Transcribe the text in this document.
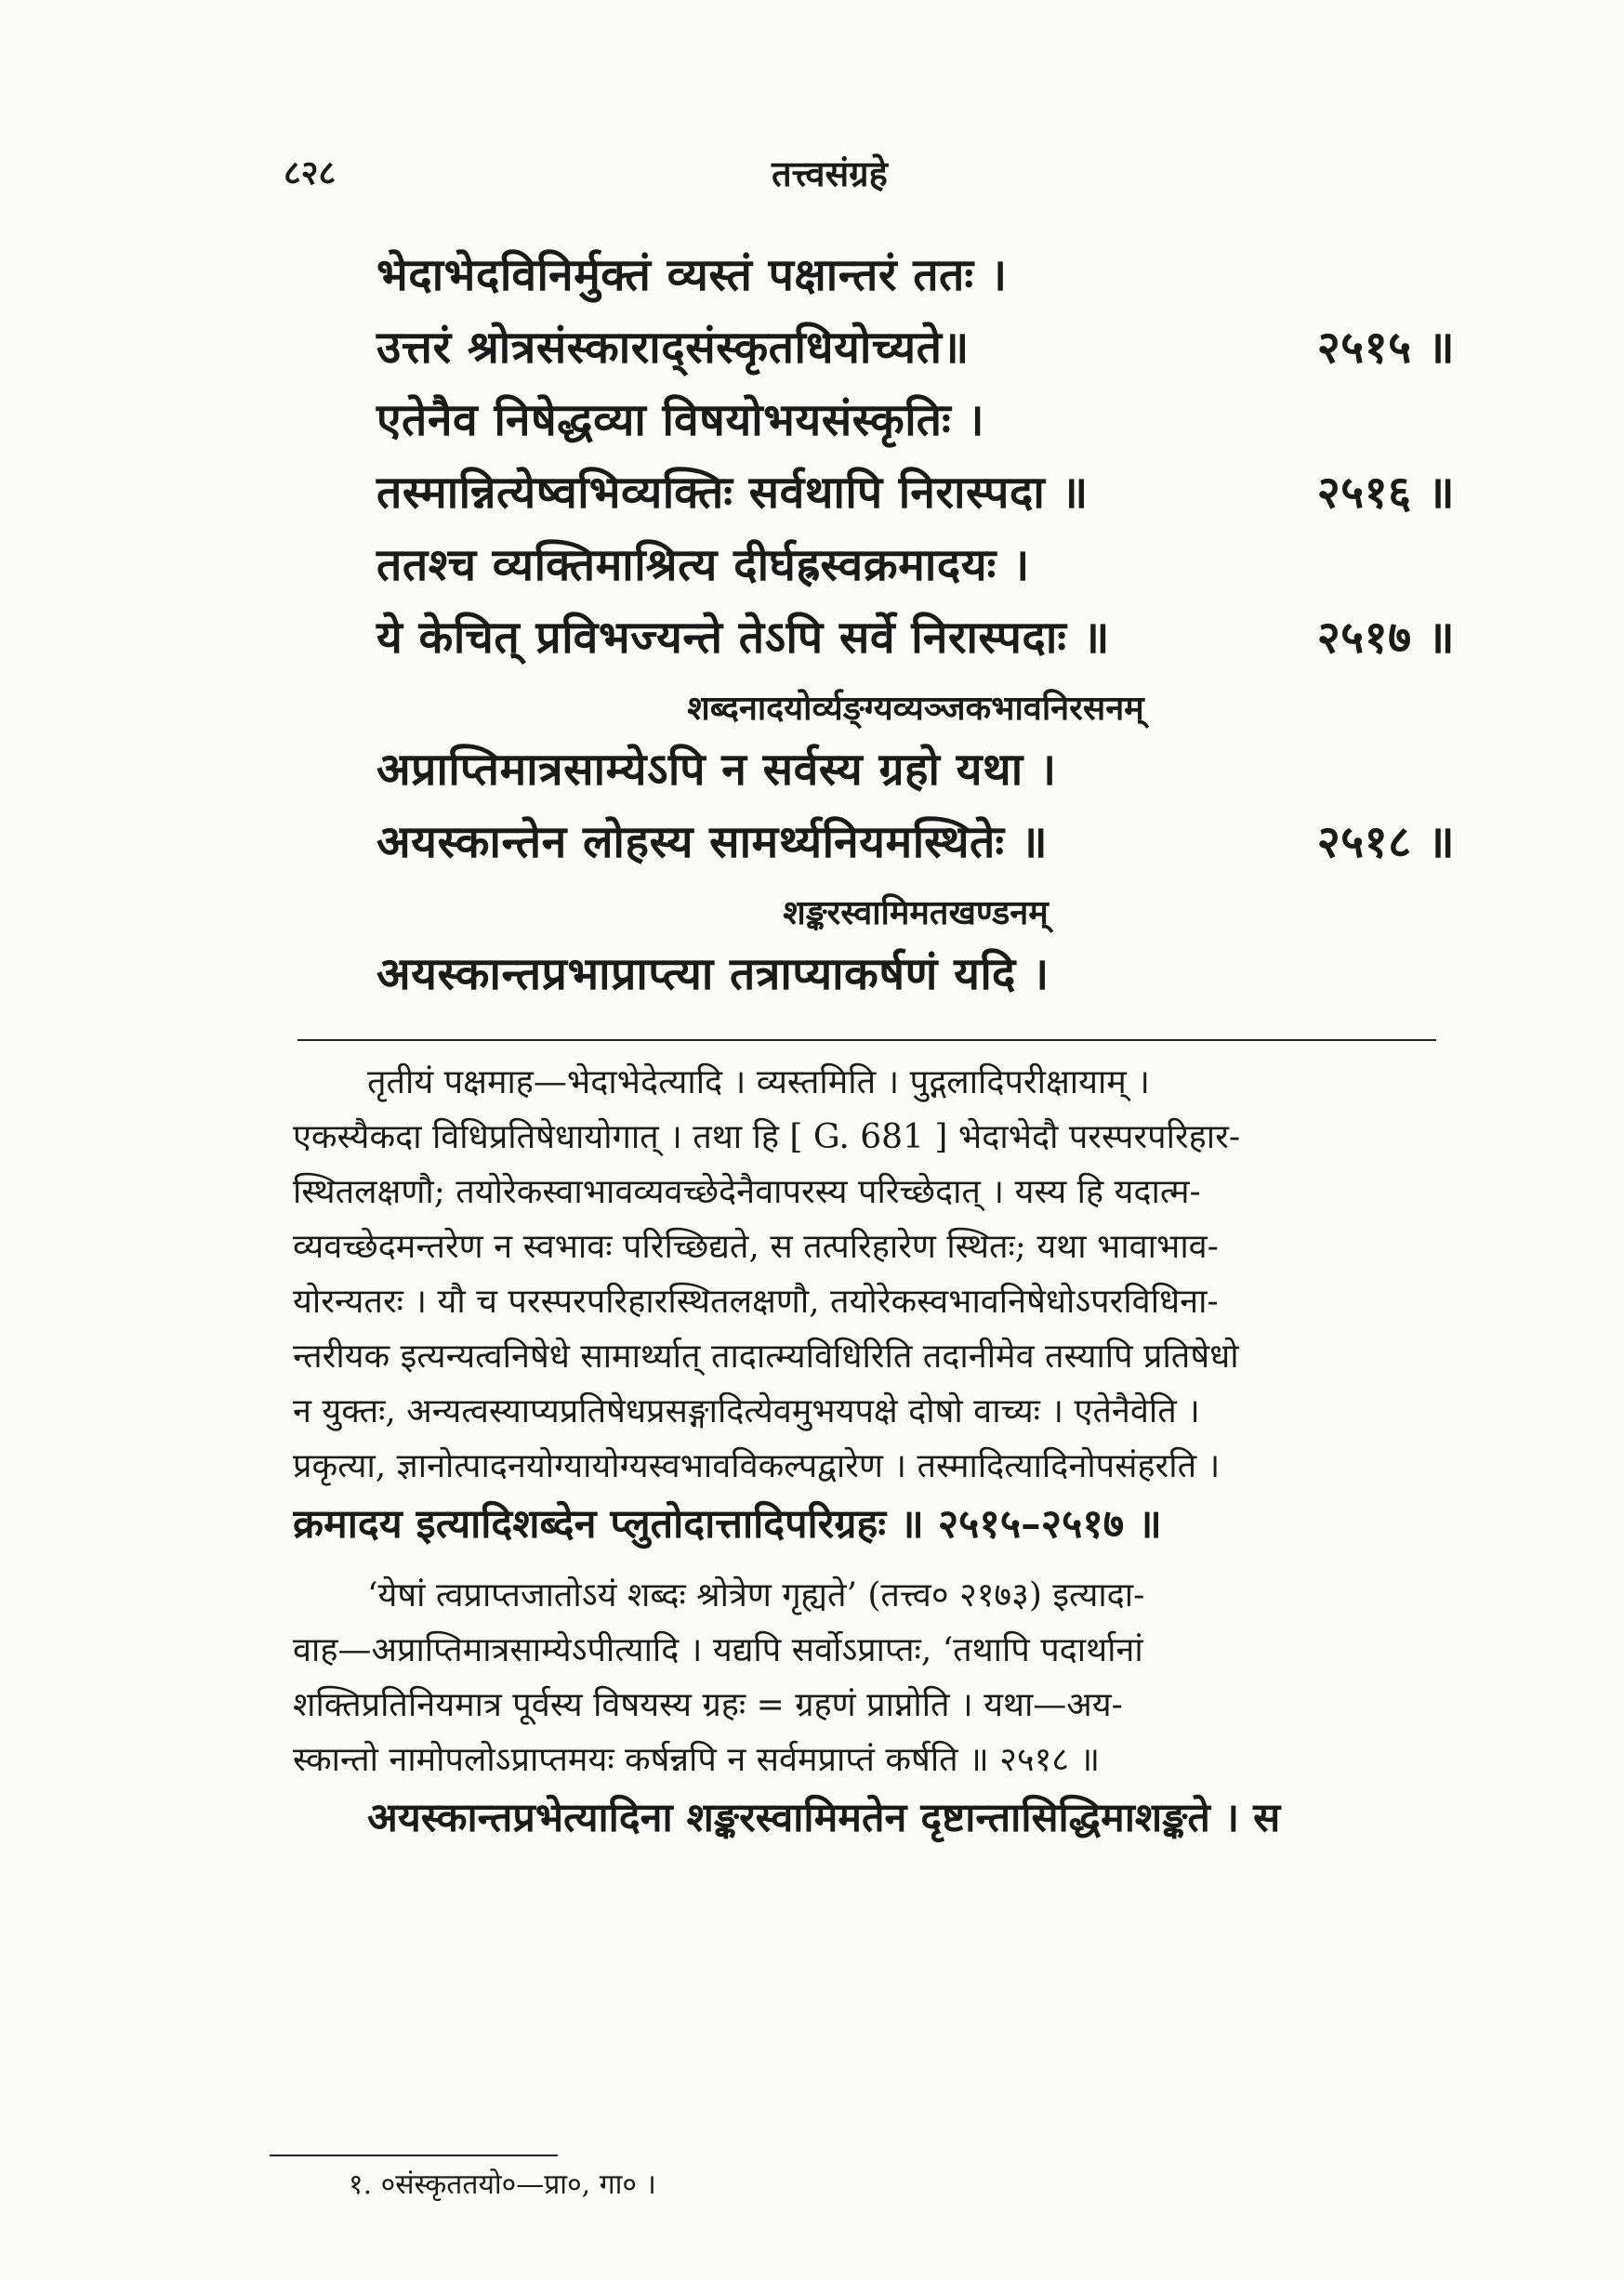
८२८	तत्त्वसंग्रहे
भेदाभेदविनिर्मुक्तं व्यस्तं पक्षान्तरं ततः ।
उत्तरं श्रोत्रसंस्काराद्संस्कृतधियोच्यते॥	२५१५ ॥
एतेनैव निषेद्धव्या विषयोभयसंस्कृतिः ।
तस्मान्नित्येष्वभिव्यक्तिः सर्वथापि निरास्पदा ॥	२५१६ ॥
ततश्च व्यक्तिमाश्रित्य दीर्घह्रस्वक्रमादयः ।
ये केचित् प्रविभज्यन्ते तेऽपि सर्वे निरास्पदाः ॥	२५१७ ॥
शब्दनादयोर्व्यङ्ग्यव्यञ्जकभावनिरसनम्
अप्राप्तिमात्रसाम्येऽपि न सर्वस्य ग्रहो यथा ।
अयस्कान्तेन लोहस्य सामर्थ्यनियमस्थितेः ॥	२५१८ ॥
शङ्करस्वामिमतखण्डनम्
अयस्कान्तप्रभाप्राप्त्या तत्राप्याकर्षणं यदि ।
तृतीयं पक्षमाह—भेदाभेदेत्यादि । व्यस्तमिति । पुद्गलादिपरीक्षायाम् ।
एकस्यैकदा विधिप्रतिषेधायोगात् । तथा हि [ G. 681 ] भेदाभेदौ परस्परपरिहार-
स्थितलक्षणौ; तयोरेकस्वाभावव्यवच्छेदेनैवापरस्य परिच्छेदात् । यस्य हि यदात्म-
व्यवच्छेदमन्तरेण न स्वभावः परिच्छिद्यते, स तत्परिहारेण स्थितः; यथा भावाभाव-
योरन्यतरः । यौ च परस्परपरिहारस्थितलक्षणौ, तयोरेकस्वभावनिषेधोऽपरविधिना-
न्तरीयक इत्यन्यत्वनिषेधे सामार्थ्यात् तादात्म्यविधिरिति तदानीमेव तस्यापि प्रतिषेधो
न युक्तः, अन्यत्वस्याप्यप्रतिषेधप्रसङ्गादित्येवमुभयपक्षे दोषो वाच्यः । एतेनैवेति ।
प्रकृत्या, ज्ञानोत्पादनयोग्यायोग्यस्वभावविकल्पद्वारेण । तस्मादित्यादिनोपसंहरति ।
क्रमादय इत्यादिशब्देन प्लुतोदात्तादिपरिग्रहः ॥ २५१५–२५१७ ॥
‘येषां त्वप्राप्तजातोऽयं शब्दः श्रोत्रेण गृह्यते’ (तत्त्व० २१७३) इत्यादा-
वाह—अप्राप्तिमात्रसाम्येऽपीत्यादि । यद्यपि सर्वोऽप्राप्तः, ‘तथापि पदार्थानां
शक्तिप्रतिनियमात्र पूर्वस्य विषयस्य ग्रहः = ग्रहणं प्राप्नोति । यथा—अय-
स्कान्तो नामोपलोऽप्राप्तमयः कर्षन्नपि न सर्वमप्राप्तं कर्षति ॥ २५१८ ॥
अयस्कान्तप्रभेत्यादिना शङ्करस्वामिमतेन दृष्टान्तासिद्धिमाशङ्कते । स
१. ०संस्कृततयो०—प्रा०, गा० ।
